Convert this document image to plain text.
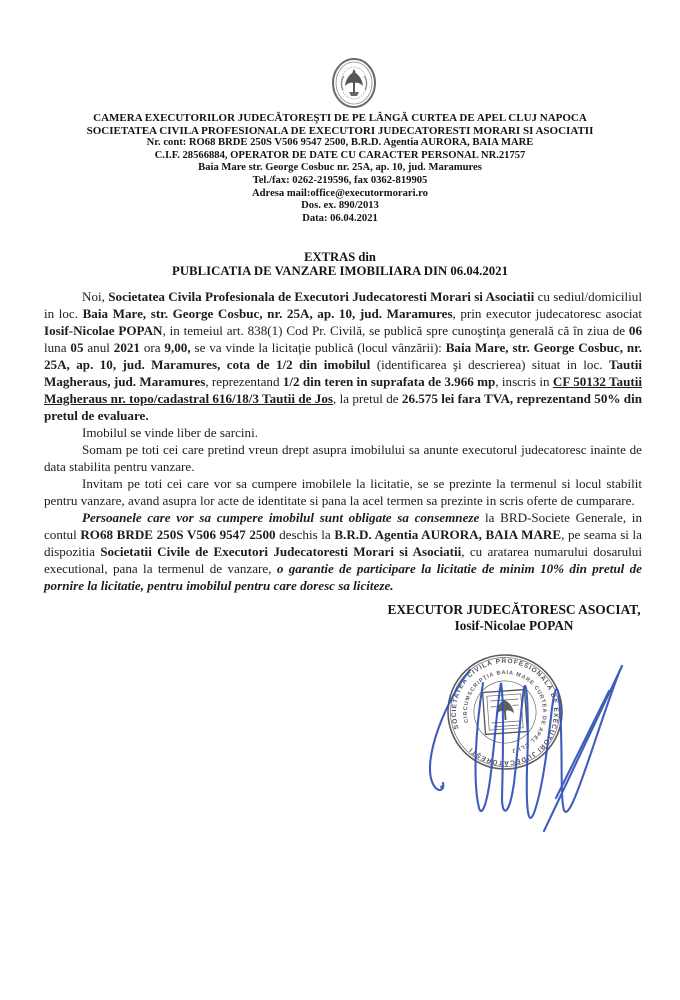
CAMERA EXECUTORILOR JUDECĂTOREŞTI DE PE LÂNGĂ CURTEA DE APEL CLUJ NAPOCA
SOCIETATEA CIVILA PROFESIONALA DE EXECUTORI JUDECATORESTI MORARI SI ASOCIATII
Nr. cont: RO68 BRDE 250S V506 9547 2500, B.R.D. Agentia AURORA, BAIA MARE
C.I.F. 28566884, OPERATOR DE DATE CU CARACTER PERSONAL NR.21757
Baia Mare str. George Cosbuc nr. 25A, ap. 10, jud. Maramures
Tel./fax: 0262-219596, fax 0362-819905
Adresa mail:office@executormorari.ro
Dos. ex. 890/2013
Data: 06.04.2021
EXTRAS din
PUBLICATIA DE VANZARE IMOBILIARA DIN 06.04.2021

Noi, Societatea Civila Profesionala de Executori Judecatoresti Morari si Asociatii cu sediul/domiciliul in loc. Baia Mare, str. George Cosbuc, nr. 25A, ap. 10, jud. Maramures, prin executor judecatoresc asociat Iosif-Nicolae POPAN, in temeiul art. 838(1) Cod Pr. Civilă, se publică spre cunoştinţa generală că în ziua de 06 luna 05 anul 2021 ora 9,00, se va vinde la licitaţie publică (locul vânzării): Baia Mare, str. George Cosbuc, nr. 25A, ap. 10, jud. Maramures, cota de 1/2 din imobilul (identificarea şi descrierea) situat in loc. Tautii Magheraus, jud. Maramures, reprezentand 1/2 din teren in suprafata de 3.966 mp, inscris in CF 50132 Tautii Magheraus nr. topo/cadastral 616/18/3 Tautii de Jos, la pretul de 26.575 lei fara TVA, reprezentand 50% din pretul de evaluare.

Imobilul se vinde liber de sarcini.

Somam pe toti cei care pretind vreun drept asupra imobilului sa anunte executorul judecatoresc inainte de data stabilita pentru vanzare.

Invitam pe toti cei care vor sa cumpere imobilele la licitatie, se se prezinte la termenul si locul stabilit pentru vanzare, avand asupra lor acte de identitate si pana la acel termen sa prezinte in scris oferte de cumparare.

Persoanele care vor sa cumpere imobilul sunt obligate sa consemneze la BRD-Societe Generale, in contul RO68 BRDE 250S V506 9547 2500 deschis la B.R.D. Agentia AURORA, BAIA MARE, pe seama si la dispozitia Societatii Civile de Executori Judecatoresti Morari si Asociatii, cu aratarea numarului dosarului executional, pana la termenul de vanzare, o garantie de participare la licitatie de minim 10% din pretul de pornire la licitatie, pentru imobilul pentru care doresc sa liciteze.

EXECUTOR JUDECĂTORESC ASOCIAT,
Iosif-Nicolae POPAN
SOCIETATEA CIVILĂ PROFESIONALĂ DE EXECUTORI JUDECĂTOREŞTI
CIRCUMSCRIPŢIA BAIA MARE CURTEA DE APEL CLUJ
